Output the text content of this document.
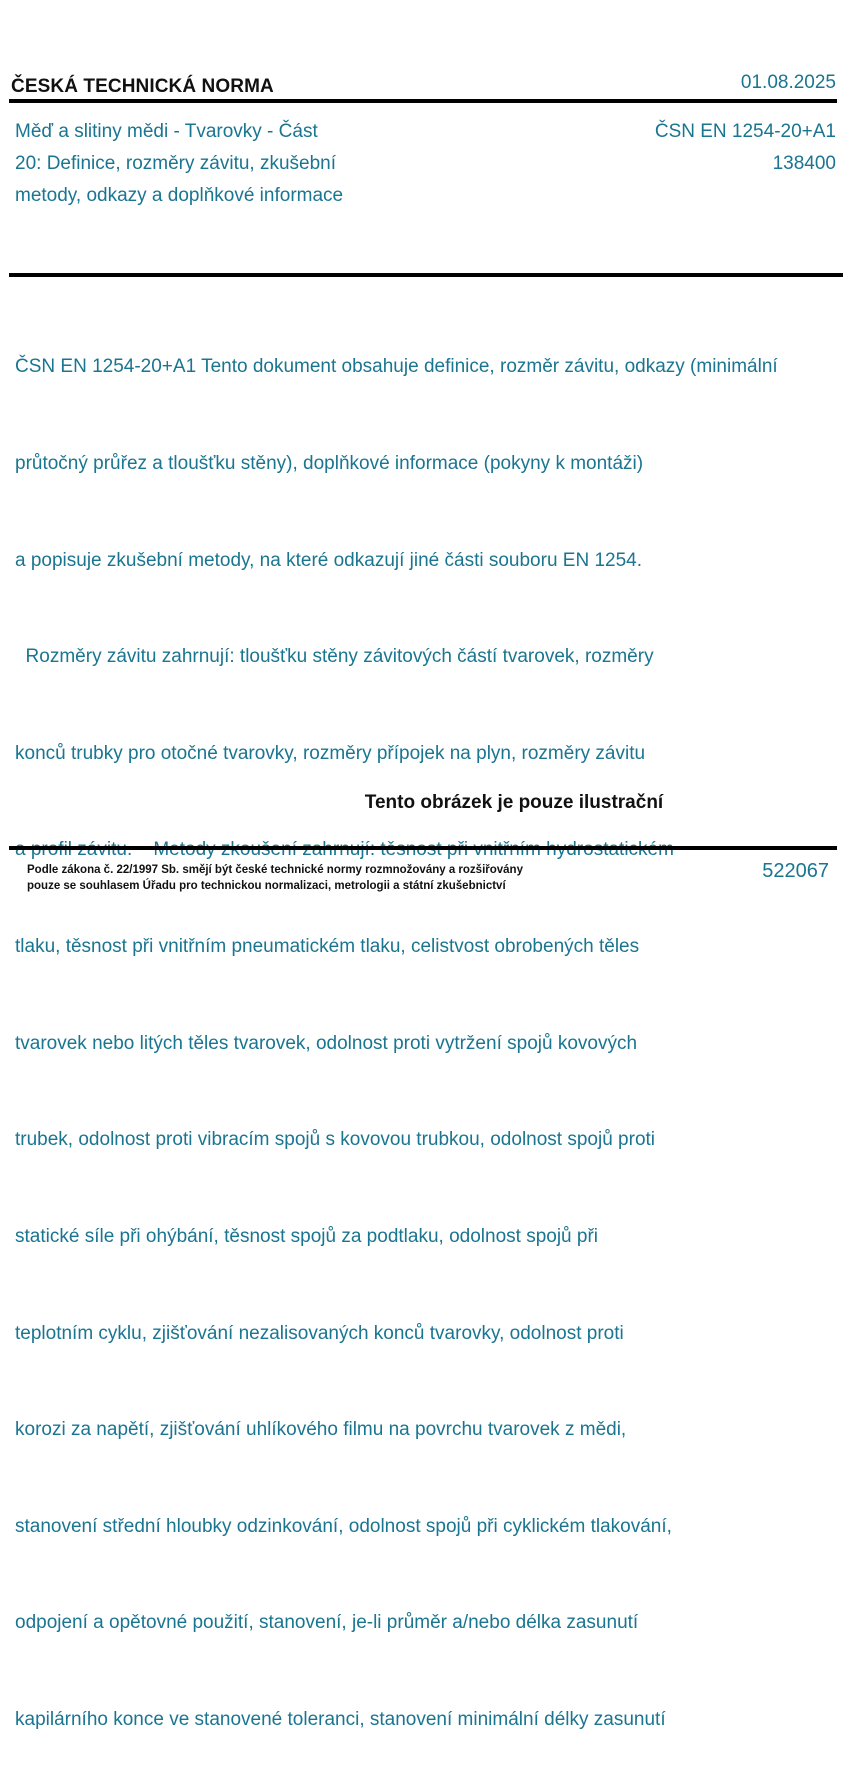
ČESKÁ TECHNICKÁ NORMA	01.08.2025
Měď a slitiny mědi - Tvarovky - Část
20: Definice, rozměry závitu, zkušební
metody, odkazy a doplňkové informace
ČSN EN 1254-20+A1
138400

ČSN EN 1254-20+A1 Tento dokument obsahuje definice, rozměr závitu, odkazy (minimální

průtočný průřez a tloušťku stěny), doplňkové informace (pokyny k montáži)

a popisuje zkušební metody, na které odkazují jiné části souboru EN 1254.

Rozměry závitu zahrnují: tloušťku stěny závitových částí tvarovek, rozměry

konců trubky pro otočné tvarovky, rozměry přípojek na plyn, rozměry závitu

tlaku, těsnost při vnitřním pneumatickém tlaku, celistvost obrobených těles

tvarovek nebo litých těles tvarovek, odolnost proti vytržení spojů kovových

trubek, odolnost proti vibracím spojů s kovovou trubkou, odolnost spojů proti

statické síle při ohýbání, těsnost spojů za podtlaku, odolnost spojů při

teplotním cyklu, zjišťování nezalisovaných konců tvarovky, odolnost proti

korozi za napětí, zjišťování uhlíkového filmu na povrchu tvarovek z mědi,

stanovení střední hloubky odzinkování, odolnost spojů při cyklickém tlakování,

odpojení a opětovné použití, stanovení, je-li průměr a/nebo délka zasunutí

kapilárního konce ve stanovené toleranci, stanovení minimální délky zasunutí

Tento obrázek je pouze ilustrační
Podle zákona č. 22/1997 Sb. smějí být české technické normy rozmnožovány a rozšiřovány
pouze se souhlasem Úřadu pro technickou normalizaci, metrologii a státní zkušebnictví
522067
